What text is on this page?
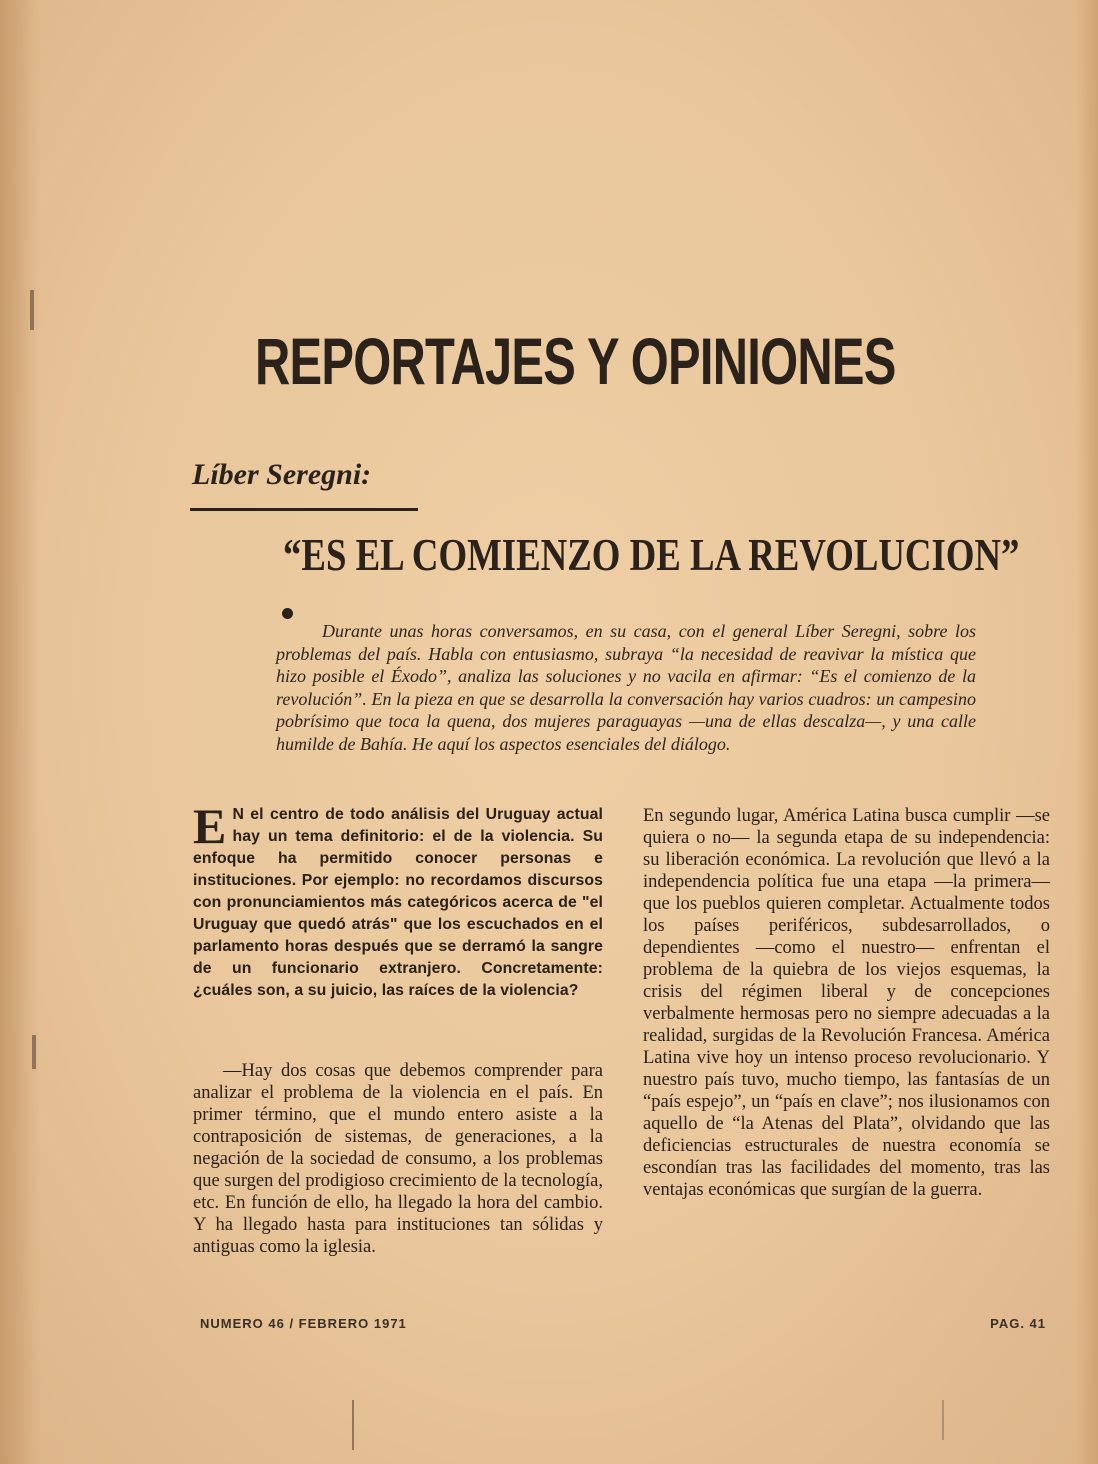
REPORTAJES Y OPINIONES
Líber Seregni:
“ES EL COMIENZO DE LA REVOLUCION”

Durante unas horas conversamos, en su casa, con el general Líber Seregni, sobre los problemas del país. Habla con entusiasmo, subraya “la necesidad de reavivar la mística que hizo posible el Éxodo”, analiza las soluciones y no vacila en afirmar: “Es el comienzo de la revolución”. En la pieza en que se desarrolla la conversación hay varios cuadros: un campesino pobrísimo que toca la quena, dos mujeres paraguayas —una de ellas descalza—, y una calle humilde de Bahía. He aquí los aspectos esenciales del diálogo.

E N el centro de todo análisis del Uruguay actual hay un tema definitorio: el de la violencia. Su enfoque ha permitido conocer personas e instituciones. Por ejemplo: no recordamos discursos con pronunciamientos más categóricos acerca de "el Uruguay que quedó atrás" que los escuchados en el parlamento horas después que se derramó la sangre de un funcionario extranjero. Concretamente: ¿cuáles son, a su juicio, las raíces de la violencia?

—Hay dos cosas que debemos comprender para analizar el problema de la violencia en el país. En primer término, que el mundo entero asiste a la contraposición de sistemas, de generaciones, a la negación de la sociedad de consumo, a los problemas que surgen del prodigioso crecimiento de la tecnología, etc. En función de ello, ha llegado la hora del cambio. Y ha llegado hasta para instituciones tan sólidas y antiguas como la iglesia.

En segundo lugar, América Latina busca cumplir —se quiera o no— la segunda etapa de su independencia: su liberación económica. La revolución que llevó a la independencia política fue una etapa —la primera— que los pueblos quieren completar. Actualmente todos los países periféricos, subdesarrollados, o dependientes —como el nuestro— enfrentan el problema de la quiebra de los viejos esquemas, la crisis del régimen liberal y de concepciones verbalmente hermosas pero no siempre adecuadas a la realidad, surgidas de la Revolución Francesa. América Latina vive hoy un intenso proceso revolucionario. Y nuestro país tuvo, mucho tiempo, las fantasías de un “país espejo”, un “país en clave”; nos ilusionamos con aquello de “la Atenas del Plata”, olvidando que las deficiencias estructurales de nuestra economía se escondían tras las facilidades del momento, tras las ventajas económicas que surgían de la guerra.

NUMERO 46 / FEBRERO 1971	PAG. 41
